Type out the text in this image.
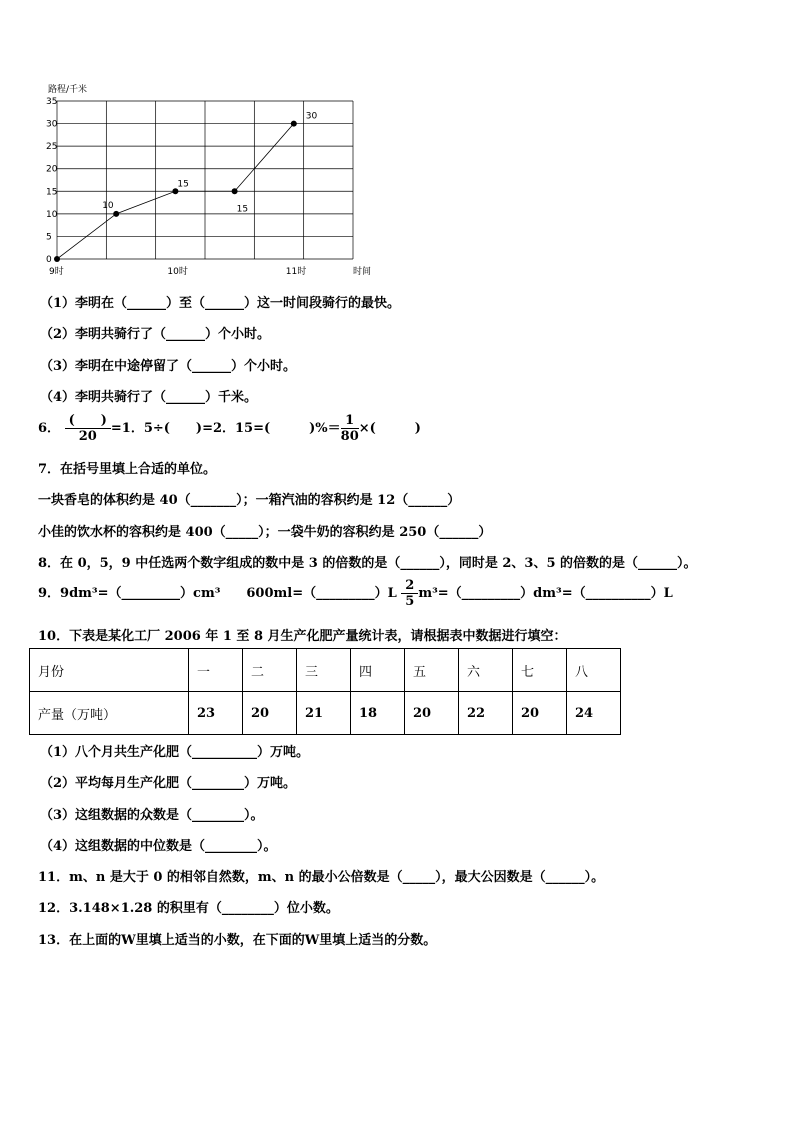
路程/千米
时间
35
30
25
20
15
10
5
0
9时	10时	11时
10
15
15
30
（1）李明在（______）至（______）这一时间段骑行的最快。
（2）李明共骑行了（______）个小时。
（3）李明在中途停留了（______）个小时。
（4）李明共骑行了（______）千米。
6． $\frac{( )}{20} =1$．5÷(　　)=2．15=(　　　)%＝ $\frac{1}{80}$ ×(　　　)
7．在括号里填上合适的单位。
一块香皂的体积约是 40（_______）；一箱汽油的容积约是 12（______）
小佳的饮水杯的容积约是 400（_____）；一袋牛奶的容积约是 250（______）
8．在 0，5，9 中任选两个数字组成的数中是 3 的倍数的是（______），同时是 2、3、5 的倍数的是（______）。
9．9dm³=（_________）cm³　　600ml=（_________）L $\frac{2}{5}$ m³=（_________）dm³=（__________）L
10．下表是某化工厂 2006 年 1 至 8 月生产化肥产量统计表，请根据表中数据进行填空：
月份	一	二	三	四	五	六	七	八
产量（万吨）	23	20	21	18	20	22	20	24
（1）八个月共生产化肥（__________）万吨。
（2）平均每月生产化肥（________）万吨。
（3）这组数据的众数是（________）。
（4）这组数据的中位数是（________）。
11．m、n 是大于 0 的相邻自然数，m、n 的最小公倍数是（_____），最大公因数是（______）。
12．3.148×1.28 的积里有（________）位小数。
13．在上面的W里填上适当的小数，在下面的W里填上适当的分数。
